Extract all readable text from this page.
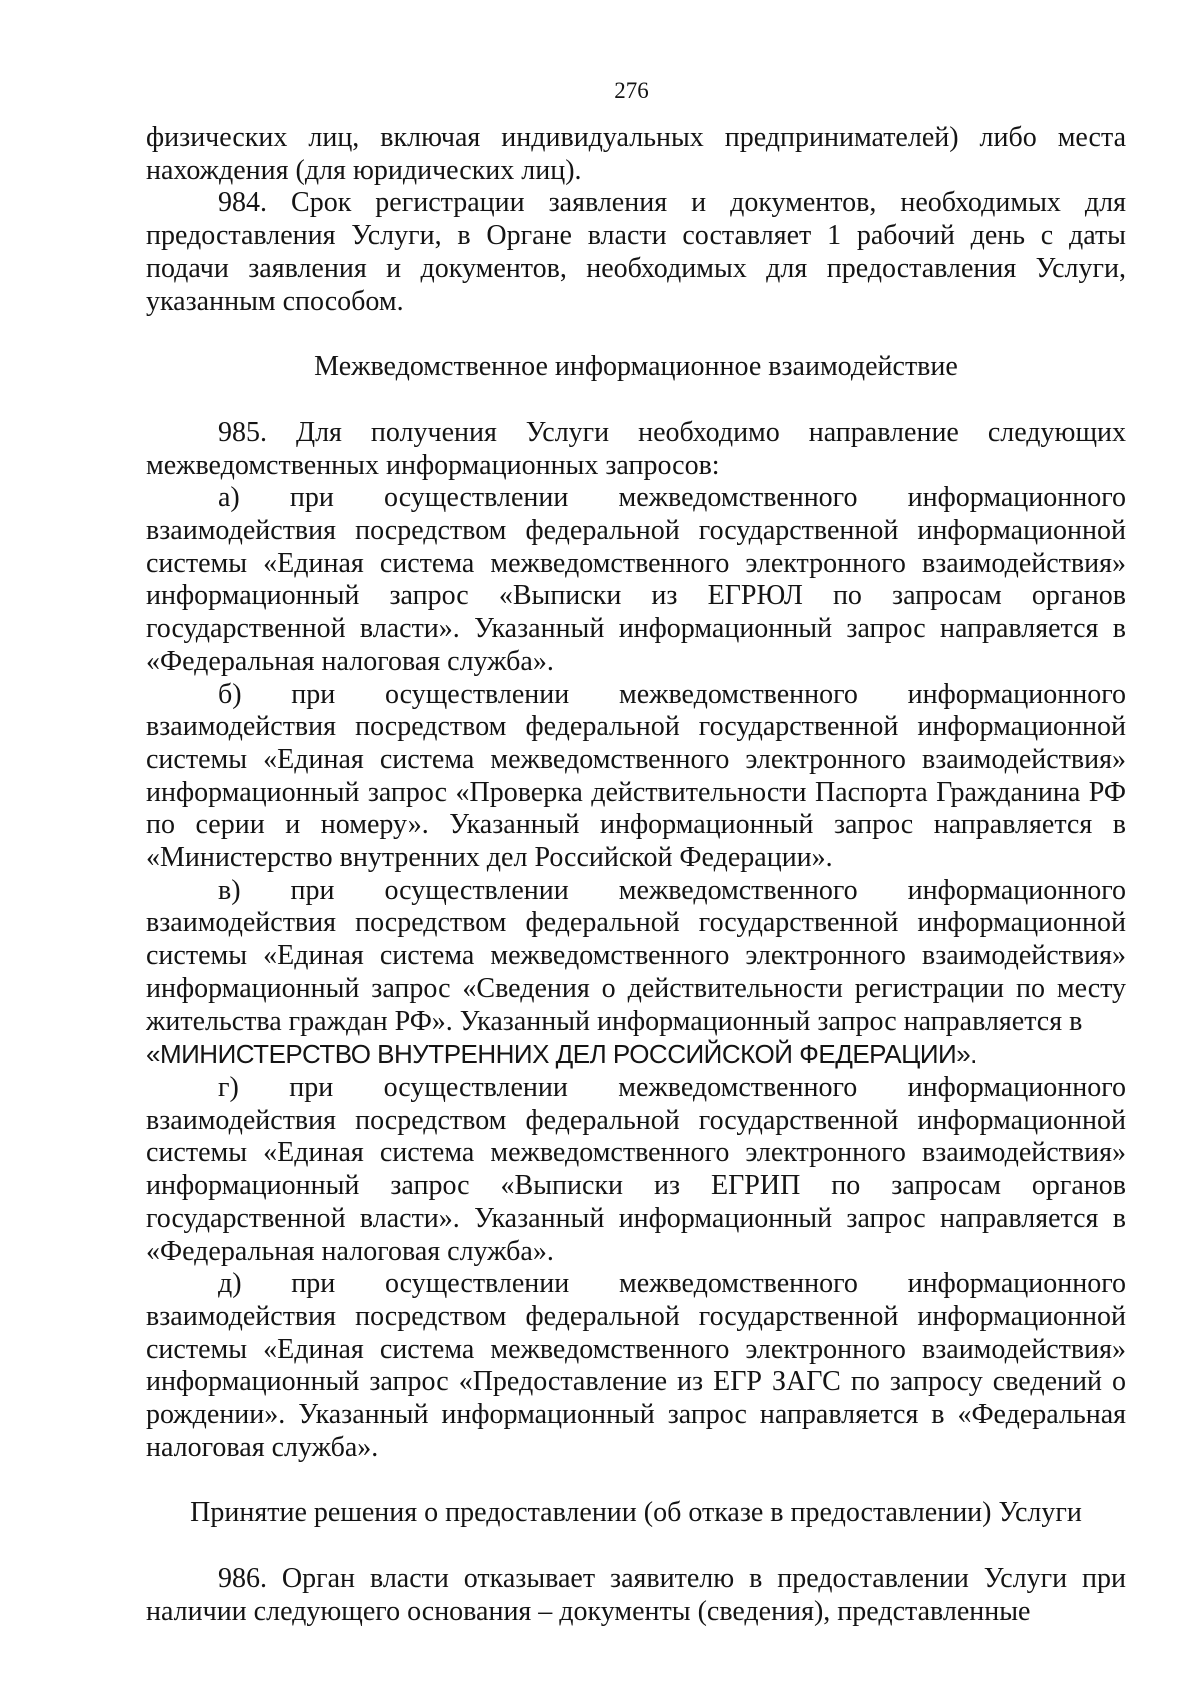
276

физических лиц, включая индивидуальных предпринимателей) либо места нахождения (для юридических лиц).

984. Срок регистрации заявления и документов, необходимых для предоставления Услуги, в Органе власти составляет 1 рабочий день с даты подачи заявления и документов, необходимых для предоставления Услуги, указанным способом.

Межведомственное информационное взаимодействие

985. Для получения Услуги необходимо направление следующих межведомственных информационных запросов:

а) при осуществлении межведомственного информационного взаимодействия посредством федеральной государственной информационной системы «Единая система межведомственного электронного взаимодействия» информационный запрос «Выписки из ЕГРЮЛ по запросам органов государственной власти». Указанный информационный запрос направляется в «Федеральная налоговая служба».

б) при осуществлении межведомственного информационного взаимодействия посредством федеральной государственной информационной системы «Единая система межведомственного электронного взаимодействия» информационный запрос «Проверка действительности Паспорта Гражданина РФ по серии и номеру». Указанный информационный запрос направляется в «Министерство внутренних дел Российской Федерации».

в) при осуществлении межведомственного информационного взаимодействия посредством федеральной государственной информационной системы «Единая система межведомственного электронного взаимодействия» информационный запрос «Сведения о действительности регистрации по месту жительства граждан РФ». Указанный информационный запрос направляется в
«МИНИСТЕРСТВО ВНУТРЕННИХ ДЕЛ РОССИЙСКОЙ ФЕДЕРАЦИИ».

г) при осуществлении межведомственного информационного взаимодействия посредством федеральной государственной информационной системы «Единая система межведомственного электронного взаимодействия» информационный запрос «Выписки из ЕГРИП по запросам органов государственной власти». Указанный информационный запрос направляется в «Федеральная налоговая служба».

д) при осуществлении межведомственного информационного взаимодействия посредством федеральной государственной информационной системы «Единая система межведомственного электронного взаимодействия» информационный запрос «Предоставление из ЕГР ЗАГС по запросу сведений о рождении». Указанный информационный запрос направляется в «Федеральная налоговая служба».

Принятие решения о предоставлении (об отказе в предоставлении) Услуги

986. Орган власти отказывает заявителю в предоставлении Услуги при наличии следующего основания – документы (сведения), представленные
